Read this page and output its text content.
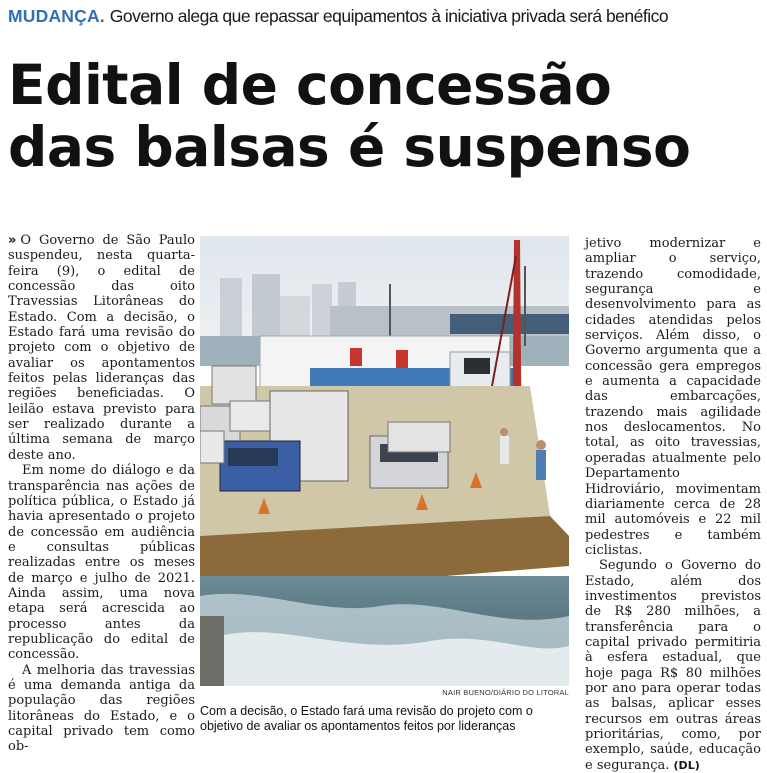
MUDANÇA. Governo alega que repassar equipamentos à iniciativa privada será benéfico
Edital de concessão
das balsas é suspenso

» O Governo de São Paulo suspendeu, nesta quarta-feira (9), o edital de concessão das oito Travessias Litorâneas do Estado. Com a decisão, o Estado fará uma revisão do projeto com o objetivo de avaliar os apontamentos feitos pelas lideranças das regiões beneficiadas. O leilão estava previsto para ser realizado durante a última semana de março deste ano.

Em nome do diálogo e da transparência nas ações de política pública, o Estado já havia apresentado o projeto de concessão em audiência e consultas públicas realizadas entre os meses de março e julho de 2021. Ainda assim, uma nova etapa será acrescida ao processo antes da republicação do edital de concessão.

A melhoria das travessias é uma demanda antiga da população das regiões litorâneas do Estado, e o capital privado tem como ob-

NAIR BUENO/DIÁRIO DO LITORAL
Com a decisão, o Estado fará uma revisão do projeto com o objetivo de avaliar os apontamentos feitos por lideranças

jetivo modernizar e ampliar o serviço, trazendo comodidade, segurança e desenvolvimento para as cidades atendidas pelos serviços. Além disso, o Governo argumenta que a concessão gera empregos e aumenta a capacidade das embarcações, trazendo mais agilidade nos deslocamentos. No total, as oito travessias, operadas atualmente pelo Departamento Hidroviário, movimentam diariamente cerca de 28 mil automóveis e 22 mil pedestres e também ciclistas.

Segundo o Governo do Estado, além dos investimentos previstos de R$ 280 milhões, a transferência para o capital privado permitiria à esfera estadual, que hoje paga R$ 80 milhões por ano para operar todas as balsas, aplicar esses recursos em outras áreas prioritárias, como, por exemplo, saúde, educação e segurança. (DL)
